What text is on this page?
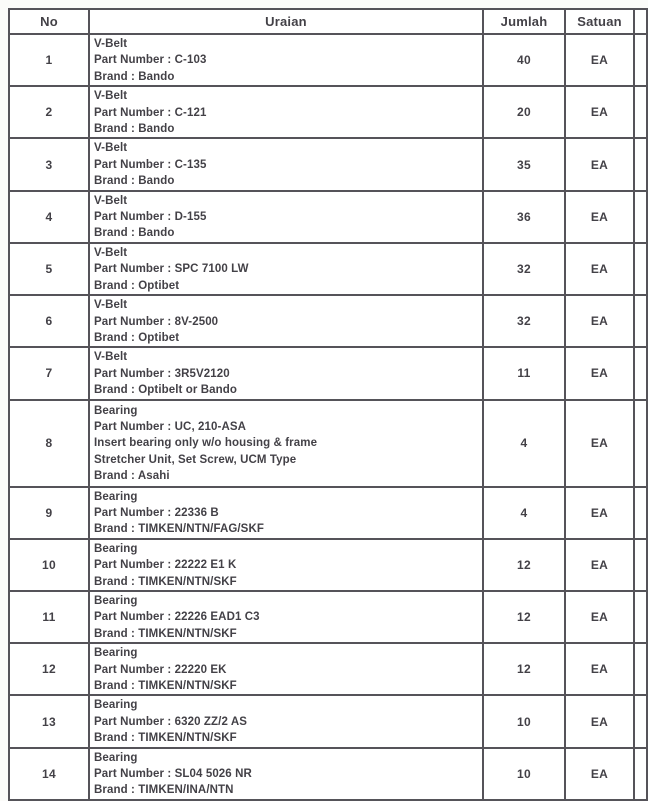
No	Uraian	Jumlah	Satuan	
1	V-Belt
Part Number : C-103
Brand : Bando	40	EA	
2	V-Belt
Part Number : C-121
Brand : Bando	20	EA	
3	V-Belt
Part Number : C-135
Brand : Bando	35	EA	
4	V-Belt
Part Number : D-155
Brand : Bando	36	EA	
5	V-Belt
Part Number : SPC 7100 LW
Brand : Optibet	32	EA	
6	V-Belt
Part Number : 8V-2500
Brand : Optibet	32	EA	
7	V-Belt
Part Number : 3R5V2120
Brand : Optibelt or Bando	11	EA	
8	Bearing
Part Number : UC, 210-ASA
Insert bearing only w/o housing & frame
Stretcher Unit, Set Screw, UCM Type
Brand : Asahi	4	EA	
9	Bearing
Part Number : 22336 B
Brand : TIMKEN/NTN/FAG/SKF	4	EA	
10	Bearing
Part Number : 22222 E1 K
Brand : TIMKEN/NTN/SKF	12	EA	
11	Bearing
Part Number : 22226 EAD1 C3
Brand : TIMKEN/NTN/SKF	12	EA	
12	Bearing
Part Number : 22220 EK
Brand : TIMKEN/NTN/SKF	12	EA	
13	Bearing
Part Number : 6320 ZZ/2 AS
Brand : TIMKEN/NTN/SKF	10	EA	
14	Bearing
Part Number : SL04 5026 NR
Brand : TIMKEN/INA/NTN	10	EA	
